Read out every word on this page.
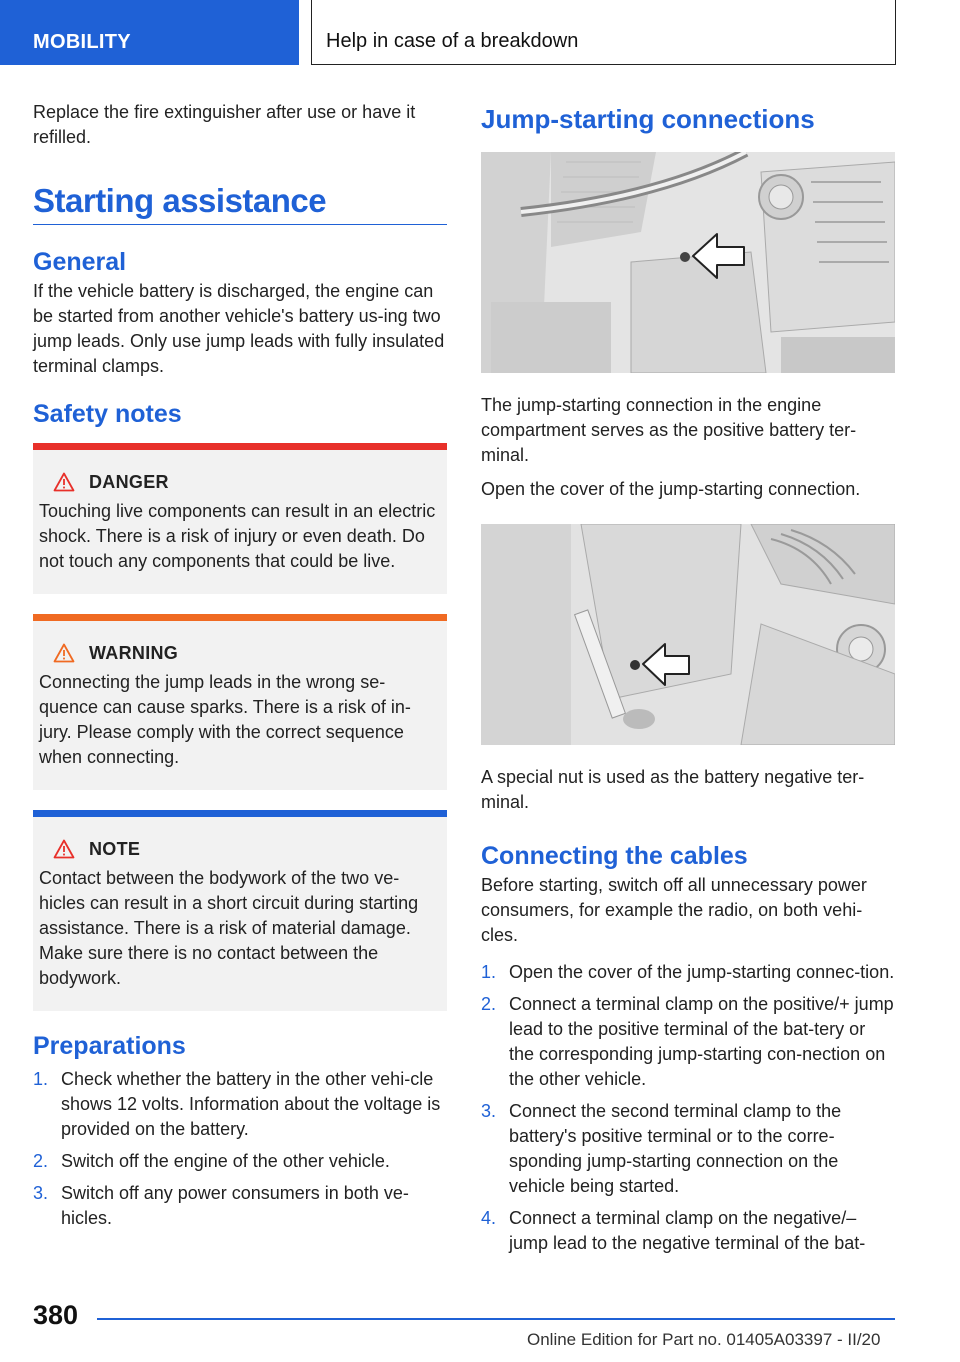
MOBILITY	Help in case of a breakdown

Replace the fire extinguisher after use or have it refilled.

Starting assistance
General

If the vehicle battery is discharged, the engine can be started from another vehicle's battery us-ing two jump leads. Only use jump leads with fully insulated terminal clamps.

Safety notes
DANGER

Touching live components can result in an electric shock. There is a risk of injury or even death. Do not touch any components that could be live.

WARNING

Connecting the jump leads in the wrong se-quence can cause sparks. There is a risk of in-jury. Please comply with the correct sequence when connecting.

NOTE

Contact between the bodywork of the two ve-hicles can result in a short circuit during starting assistance. There is a risk of material damage. Make sure there is no contact between the bodywork.

Preparations
1. Check whether the battery in the other vehi-cle shows 12 volts. Information about the voltage is provided on the battery.
2. Switch off the engine of the other vehicle.
3. Switch off any power consumers in both ve-hicles.
Jump-starting connections

The jump-starting connection in the engine compartment serves as the positive battery ter-minal.

Open the cover of the jump-starting connection.

A special nut is used as the battery negative ter-minal.

Connecting the cables

Before starting, switch off all unnecessary power consumers, for example the radio, on both vehi-cles.

1. Open the cover of the jump-starting connec-tion.
2. Connect a terminal clamp on the positive/+ jump lead to the positive terminal of the bat-tery or the corresponding jump-starting con-nection on the other vehicle.
3. Connect the second terminal clamp to the battery's positive terminal or to the corre-sponding jump-starting connection on the vehicle being started.
4. Connect a terminal clamp on the negative/– jump lead to the negative terminal of the bat-
380
Online Edition for Part no. 01405A03397 - II/20
